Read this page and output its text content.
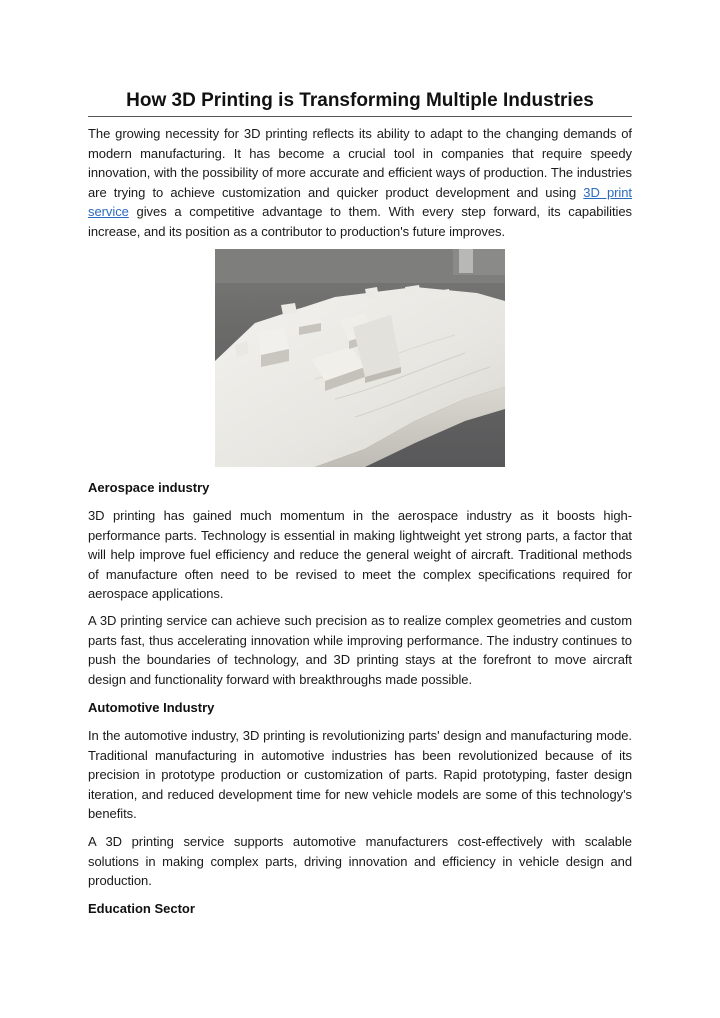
How 3D Printing is Transforming Multiple Industries

The growing necessity for 3D printing reflects its ability to adapt to the changing demands of modern manufacturing. It has become a crucial tool in companies that require speedy innovation, with the possibility of more accurate and efficient ways of production. The industries are trying to achieve customization and quicker product development and using 3D print service gives a competitive advantage to them. With every step forward, its capabilities increase, and its position as a contributor to production's future improves.

Aerospace industry

3D printing has gained much momentum in the aerospace industry as it boosts high-performance parts. Technology is essential in making lightweight yet strong parts, a factor that will help improve fuel efficiency and reduce the general weight of aircraft. Traditional methods of manufacture often need to be revised to meet the complex specifications required for aerospace applications.

A 3D printing service can achieve such precision as to realize complex geometries and custom parts fast, thus accelerating innovation while improving performance. The industry continues to push the boundaries of technology, and 3D printing stays at the forefront to move aircraft design and functionality forward with breakthroughs made possible.

Automotive Industry

In the automotive industry, 3D printing is revolutionizing parts' design and manufacturing mode. Traditional manufacturing in automotive industries has been revolutionized because of its precision in prototype production or customization of parts. Rapid prototyping, faster design iteration, and reduced development time for new vehicle models are some of this technology's benefits.

A 3D printing service supports automotive manufacturers cost-effectively with scalable solutions in making complex parts, driving innovation and efficiency in vehicle design and production.

Education Sector
